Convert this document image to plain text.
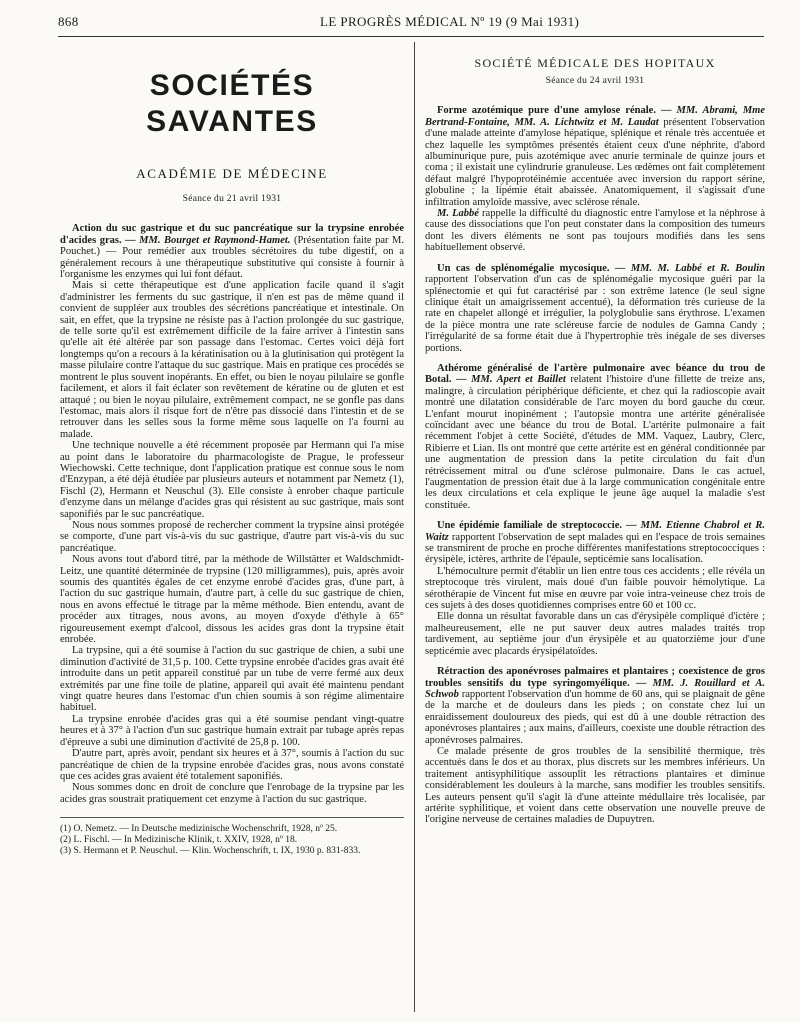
868	LE PROGRÈS MÉDICAL Nº 19 (9 Mai 1931)
SOCIÉTÉS SAVANTES
ACADÉMIE DE MÉDECINE
Séance du 21 avril 1931

Action du suc gastrique et du suc pancréatique sur la trypsine enrobée d'acides gras. — MM. Bourget et Raymond-Hamet. (Présentation faite par M. Pouchet.) — Pour remédier aux troubles sécrétoires du tube digestif, on a généralement recours à une thérapeutique substitutive qui consiste à fournir à l'organisme les enzymes qui lui font défaut.

Mais si cette thérapeutique est d'une application facile quand il s'agit d'administrer les ferments du suc gastrique, il n'en est pas de même quand il convient de suppléer aux troubles des sécrétions pancréatique et intestinale. On sait, en effet, que la trypsine ne résiste pas à l'action prolongée du suc gastrique, de telle sorte qu'il est extrêmement difficile de la faire arriver à l'intestin sans qu'elle ait été altérée par son passage dans l'estomac. Certes voici déjà fort longtemps qu'on a recours à la kératinisation ou à la glutinisation qui protègent la masse pilulaire contre l'attaque du suc gastrique. Mais en pratique ces procédés se montrent le plus souvent inopérants. En effet, ou bien le noyau pilulaire se gonfle facilement, et alors il fait éclater son revêtement de kératine ou de gluten et est attaqué ; ou bien le noyau pilulaire, extrêmement compact, ne se gonfle pas dans l'estomac, mais alors il risque fort de n'être pas dissocié dans l'intestin et de se retrouver dans les selles sous la forme même sous laquelle on l'a fourni au malade.

Une technique nouvelle a été récemment proposée par Hermann qui l'a mise au point dans le laboratoire du pharmacologiste de Prague, le professeur Wiechowski. Cette technique, dont l'application pratique est connue sous le nom d'Enzypan, a été déjà étudiée par plusieurs auteurs et notamment par Nemetz (1), Fischl (2), Hermann et Neuschul (3). Elle consiste à enrober chaque particule d'enzyme dans un mélange d'acides gras qui résistent au suc gastrique, mais sont saponifiés par le suc pancréatique.

Nous nous sommes proposé de rechercher comment la trypsine ainsi protégée se comporte, d'une part vis-à-vis du suc gastrique, d'autre part vis-à-vis du suc pancréatique.

Nous avons tout d'abord titré, par la méthode de Willstätter et Waldschmidt-Leitz, une quantité déterminée de trypsine (120 milligrammes), puis, après avoir soumis des quantités égales de cet enzyme enrobé d'acides gras, d'une part, à l'action du suc gastrique humain, d'autre part, à celle du suc gastrique de chien, nous en avons effectué le titrage par la même méthode. Bien entendu, avant de procéder aux titrages, nous avons, au moyen d'oxyde d'éthyle à 65° rigoureusement exempt d'alcool, dissous les acides gras dont la trypsine était enrobée.

La trypsine, qui a été soumise à l'action du suc gastrique de chien, a subi une diminution d'activité de 31,5 p. 100. Cette trypsine enrobée d'acides gras avait été introduite dans un petit appareil constitué par un tube de verre fermé aux deux extrémités par une fine toile de platine, appareil qui avait été maintenu pendant vingt quatre heures dans l'estomac d'un chien soumis à son régime alimentaire habituel.

La trypsine enrobée d'acides gras qui a été soumise pendant vingt-quatre heures et à 37° à l'action d'un suc gastrique humain extrait par tubage après repas d'épreuve a subi une diminution d'activité de 25,8 p. 100.

D'autre part, après avoir, pendant six heures et à 37°, soumis à l'action du suc pancréatique de chien de la trypsine enrobée d'acides gras, nous avons constaté que ces acides gras avaient été totalement saponifiés.

Nous sommes donc en droit de conclure que l'enrobage de la trypsine par les acides gras soustrait pratiquement cet enzyme à l'action du suc gastrique.

(1) O. Nemetz. — In Deutsche medizinische Wochenschrift, 1928, nº 25.

(2) L. Fischl. — In Medizinische Klinik, t. XXIV, 1928, nº 18.

(3) S. Hermann et P. Neuschul. — Klin. Wochenschrift, t. IX, 1930 p. 831-833.

SOCIÉTÉ MÉDICALE DES HOPITAUX
Séance du 24 avril 1931

Forme azotémique pure d'une amylose rénale. — MM. Abrami, Mme Bertrand-Fontaine, MM. A. Lichtwitz et M. Laudat présentent l'observation d'une malade atteinte d'amylose hépatique, splénique et rénale très accentuée et chez laquelle les symptômes présentés étaient ceux d'une néphrite, d'abord albuminurique pure, puis azotémique avec anurie terminale de quinze jours et coma ; il existait une cylindrurie granuleuse. Les œdèmes ont fait complètement défaut malgré l'hypoprotéinémie accentuée avec inversion du rapport sérine, globuline ; la lipémie était abaissée. Anatomiquement, il s'agissait d'une infiltration amyloïde massive, avec sclérose rénale.

M. Labbé rappelle la difficulté du diagnostic entre l'amylose et la néphrose à cause des dissociations que l'on peut constater dans la composition des tumeurs dont les divers éléments ne sont pas toujours modifiés dans les sens habituellement observé.

Un cas de splénomégalie mycosique. — MM. M. Labbé et R. Boulin rapportent l'observation d'un cas de splénomégalie mycosique guéri par la splénectomie et qui fut caractérisé par : son extrême latence (le seul signe clinique était un amaigrissement accentué), la déformation très curieuse de la rate en chapelet allongé et irrégulier, la polyglobulie sans érythrose. L'examen de la pièce montra une rate scléreuse farcie de nodules de Gamna Candy ; l'irrégularité de sa forme était due à l'hypertrophie très inégale de ses diverses portions.

Athérome généralisé de l'artère pulmonaire avec béance du trou de Botal. — MM. Apert et Baillet relatent l'histoire d'une fillette de treize ans, malingre, à circulation périphérique déficiente, et chez qui la radioscopie avait montré une dilatation considérable de l'arc moyen du bord gauche du cœur. L'enfant mourut inopinément ; l'autopsie montra une artérite généralisée coïncidant avec une béance du trou de Botal. L'artérite pulmonaire a fait récemment l'objet à cette Société, d'études de MM. Vaquez, Laubry, Clerc, Ribierre et Lian. Ils ont montré que cette artérite est en général conditionnée par une augmentation de pression dans la petite circulation du fait d'un rétrécissement mitral ou d'une sclérose pulmonaire. Dans le cas actuel, l'augmentation de pression était due à la large communication congénitale entre les deux circulations et cela explique le jeune âge auquel la maladie s'est constituée.

Une épidémie familiale de streptococcie. — MM. Etienne Chabrol et R. Waitz rapportent l'observation de sept malades qui en l'espace de trois semaines se transmirent de proche en proche différentes manifestations streptococciques : érysipèle, ictères, arthrite de l'épaule, septicémie sans localisation.

L'hémoculture permit d'établir un lien entre tous ces accidents ; elle révéla un streptocoque très virulent, mais doué d'un faible pouvoir hémolytique. La sérothérapie de Vincent fut mise en œuvre par voie intra-veineuse chez trois de ces sujets à des doses quotidiennes comprises entre 60 et 100 cc.

Elle donna un résultat favorable dans un cas d'érysipèle compliqué d'ictère ; malheureusement, elle ne put sauver deux autres malades traités trop tardivement, au septième jour d'un érysipèle et au quatorzième jour d'une septicémie avec placards érysipélatoïdes.

Rétraction des aponévroses palmaires et plantaires ; coexistence de gros troubles sensitifs du type syringomyélique. — MM. J. Rouillard et A. Schwob rapportent l'observation d'un homme de 60 ans, qui se plaignait de gêne de la marche et de douleurs dans les pieds ; on constate chez lui un enraidissement douloureux des pieds, qui est dû à une double rétraction des aponévroses plantaires ; aux mains, d'ailleurs, coexiste une double rétraction des aponévroses palmaires.

Ce malade présente de gros troubles de la sensibilité thermique, très accentués dans le dos et au thorax, plus discrets sur les membres inférieurs. Un traitement antisyphilitique assouplit les rétractions plantaires et diminue considérablement les douleurs à la marche, sans modifier les troubles sensitifs. Les auteurs pensent qu'il s'agit là d'une atteinte médullaire très localisée, par artérite syphilitique, et voient dans cette observation une nouvelle preuve de l'origine nerveuse de certaines maladies de Dupuytren.
